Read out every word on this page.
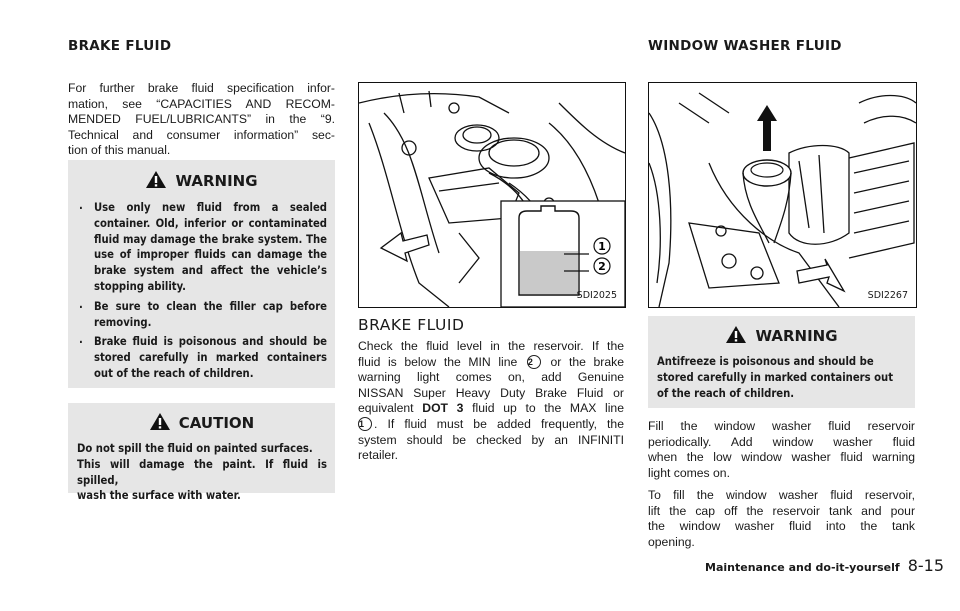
BRAKE FLUID	WINDOW WASHER FLUID
For further brake fluid specification infor-
mation, see “CAPACITIES AND RECOM-
MENDED FUEL/LUBRICANTS” in the “9.
Technical and consumer information” sec-
tion of this manual.
WARNING
. Use only new fluid from a sealed container. Old, inferior or contaminated fluid may damage the brake system. The use of improper fluids can damage the brake system and affect the vehicle’s stopping ability.
. Be sure to clean the filler cap before removing.
. Brake fluid is poisonous and should be stored carefully in marked containers out of the reach of children.
CAUTION
Do not spill the fluid on painted surfaces.
This will damage the paint. If fluid is spilled,
wash the surface with water.
1
2
SDI2025
BRAKE FLUID
Check the fluid level in the reservoir. If the
fluid is below the MIN line 2 or the brake
warning light comes on, add Genuine
NISSAN Super Heavy Duty Brake Fluid or
equivalent DOT 3 fluid up to the MAX line
1 . If fluid must be added frequently, the
system should be checked by an INFINITI
retailer.
SDI2267
WARNING
Antifreeze is poisonous and should be
stored carefully in marked containers out
of the reach of children.
Fill the window washer fluid reservoir
periodically. Add window washer fluid
when the low window washer fluid warning
light comes on.
To fill the window washer fluid reservoir,
lift the cap off the reservoir tank and pour
the window washer fluid into the tank
opening.
Maintenance and do-it-yourself 8-15
